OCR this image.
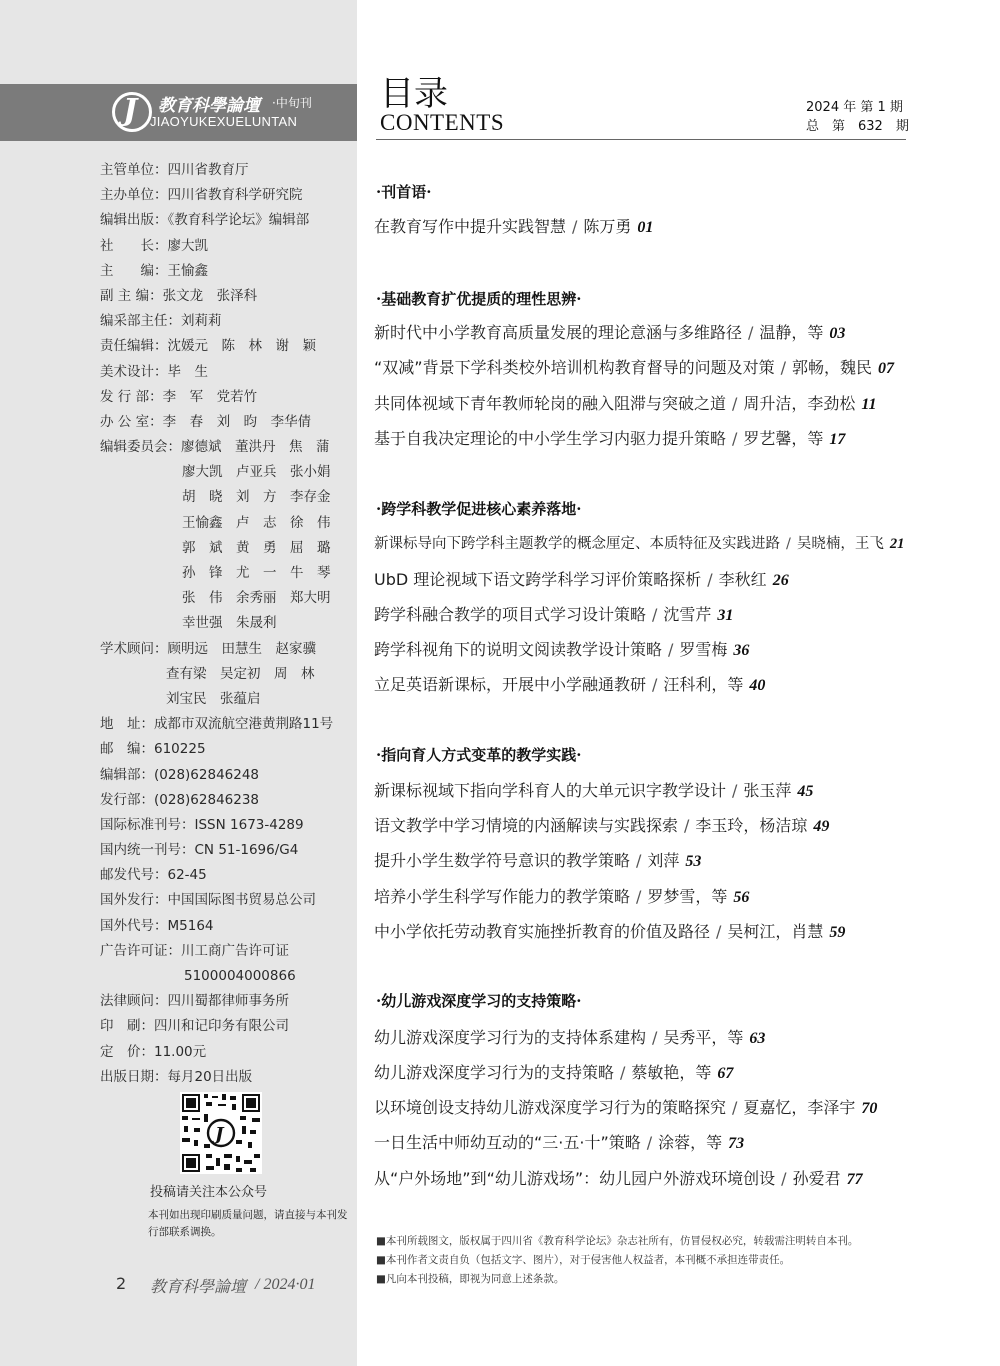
J 教育科學論壇 ·中旬刊
JIAOYUKEXUELUNTAN
主管单位：四川省教育厅
主办单位：四川省教育科学研究院
编辑出版：《教育科学论坛》编辑部
社　　长：廖大凯
主　　编：王愉鑫
副 主 编：张文龙　张泽科
编采部主任：刘莉莉
责任编辑：沈媛元　陈　林　谢　颖
美术设计：毕　生
发 行 部：李　军　党若竹
办 公 室：李　春　刘　昀　李华倩
编辑委员会：廖德斌　董洪丹　焦　蒲
廖大凯　卢亚兵　张小娟
胡　晓　刘　方　李存金
王愉鑫　卢　志　徐　伟
郭　斌　黄　勇　屈　璐
孙　锋　尤　一　牛　琴
张　伟　余秀丽　郑大明
幸世强　朱晟利
学术顾问：顾明远　田慧生　赵家骥
查有梁　吴定初　周　林
刘宝民　张蕴启
地　址：成都市双流航空港黄荆路11号
邮　编：610225
编辑部：(028)62846248
发行部：(028)62846238
国际标准刊号：ISSN 1673-4289
国内统一刊号：CN 51-1696/G4
邮发代号：62-45
国外发行：中国国际图书贸易总公司
国外代号：M5164
广告许可证：川工商广告许可证
5100004000866
法律顾问：四川蜀都律师事务所
印　刷：四川和记印务有限公司
定　价：11.00元
出版日期：每月20日出版
J
投稿请关注本公众号
本刊如出现印刷质量问题，请直接与本刊发行部联系调换。
2 教育科學論壇 / 2024·01
目录
CONTENTS
2024 年 第 1 期
总　第　632　期
·刊首语·
在教育写作中提升实践智慧 / 陈万勇 01
·基础教育扩优提质的理性思辨·
新时代中小学教育高质量发展的理论意涵与多维路径 / 温静，等 03
“双减”背景下学科类校外培训机构教育督导的问题及对策 / 郭畅，魏民 07
共同体视域下青年教师轮岗的融入阻滞与突破之道 / 周升洁，李劲松 11
基于自我决定理论的中小学生学习内驱力提升策略 / 罗艺馨，等 17
·跨学科教学促进核心素养落地·
新课标导向下跨学科主题教学的概念厘定、本质特征及实践进路 / 吴晓楠，王飞 21
UbD 理论视域下语文跨学科学习评价策略探析 / 李秋红 26
跨学科融合教学的项目式学习设计策略 / 沈雪芹 31
跨学科视角下的说明文阅读教学设计策略 / 罗雪梅 36
立足英语新课标，开展中小学融通教研 / 汪科利，等 40
·指向育人方式变革的教学实践·
新课标视域下指向学科育人的大单元识字教学设计 / 张玉萍 45
语文教学中学习情境的内涵解读与实践探索 / 李玉玲，杨洁琼 49
提升小学生数学符号意识的教学策略 / 刘萍 53
培养小学生科学写作能力的教学策略 / 罗梦雪，等 56
中小学依托劳动教育实施挫折教育的价值及路径 / 吴柯江，肖慧 59
·幼儿游戏深度学习的支持策略·
幼儿游戏深度学习行为的支持体系建构 / 吴秀平，等 63
幼儿游戏深度学习行为的支持策略 / 蔡敏艳，等 67
以环境创设支持幼儿游戏深度学习行为的策略探究 / 夏嘉忆，李泽宇 70
一日生活中师幼互动的“三·五·十”策略 / 涂蓉，等 73
从“户外场地”到“幼儿游戏场”：幼儿园户外游戏环境创设 / 孙爱君 77
■本刊所载图文，版权属于四川省《教育科学论坛》杂志社所有，仿冒侵权必究，转载需注明转自本刊。
■本刊作者文责自负（包括文字、图片），对于侵害他人权益者，本刊概不承担连带责任。
■凡向本刊投稿，即视为同意上述条款。
